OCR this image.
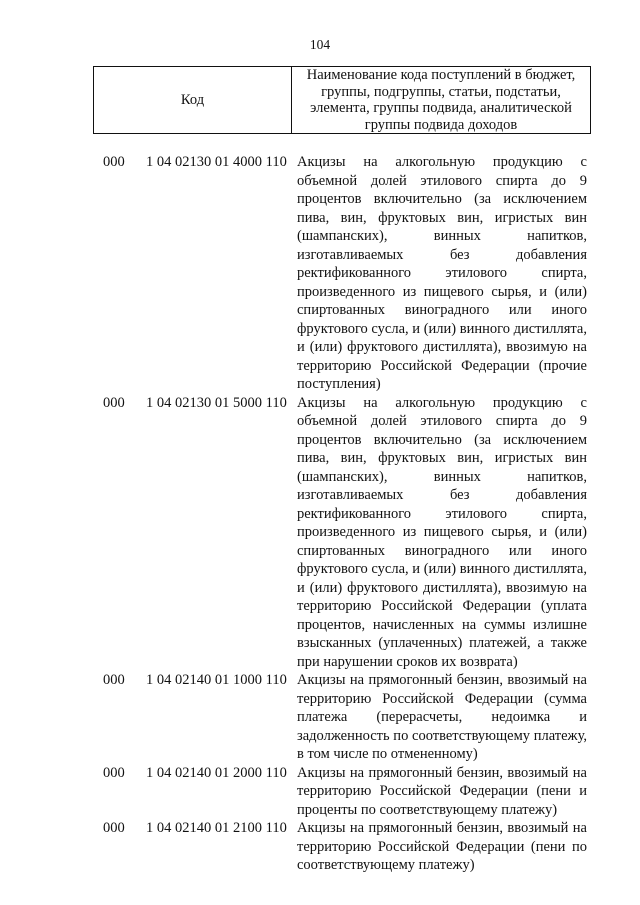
104
Код
Наименование кода поступлений в бюджет, группы, подгруппы, статьи, подстатьи, элемента, группы подвида, аналитической группы подвида доходов
000 1 04 02130 01 4000 110 Акцизы на алкогольную продукцию с объемной долей этилового спирта до 9 процентов включительно (за исключением пива, вин, фруктовых вин, игристых вин (шампанских), винных напитков, изготавливаемых без добавления ректификованного этилового спирта, произведенного из пищевого сырья, и (или) спиртованных виноградного или иного фруктового сусла, и (или) винного дистиллята, и (или) фруктового дистиллята), ввозимую на территорию Российской Федерации (прочие поступления)
000 1 04 02130 01 5000 110 Акцизы на алкогольную продукцию с объемной долей этилового спирта до 9 процентов включительно (за исключением пива, вин, фруктовых вин, игристых вин (шампанских), винных напитков, изготавливаемых без добавления ректификованного этилового спирта, произведенного из пищевого сырья, и (или) спиртованных виноградного или иного фруктового сусла, и (или) винного дистиллята, и (или) фруктового дистиллята), ввозимую на территорию Российской Федерации (уплата процентов, начисленных на суммы излишне взысканных (уплаченных) платежей, а также при нарушении сроков их возврата)
000 1 04 02140 01 1000 110 Акцизы на прямогонный бензин, ввозимый на территорию Российской Федерации (сумма платежа (перерасчеты, недоимка и задолженность по соответствующему платежу, в том числе по отмененному)
000 1 04 02140 01 2000 110 Акцизы на прямогонный бензин, ввозимый на территорию Российской Федерации (пени и проценты по соответствующему платежу)
000 1 04 02140 01 2100 110 Акцизы на прямогонный бензин, ввозимый на территорию Российской Федерации (пени по соответствующему платежу)
